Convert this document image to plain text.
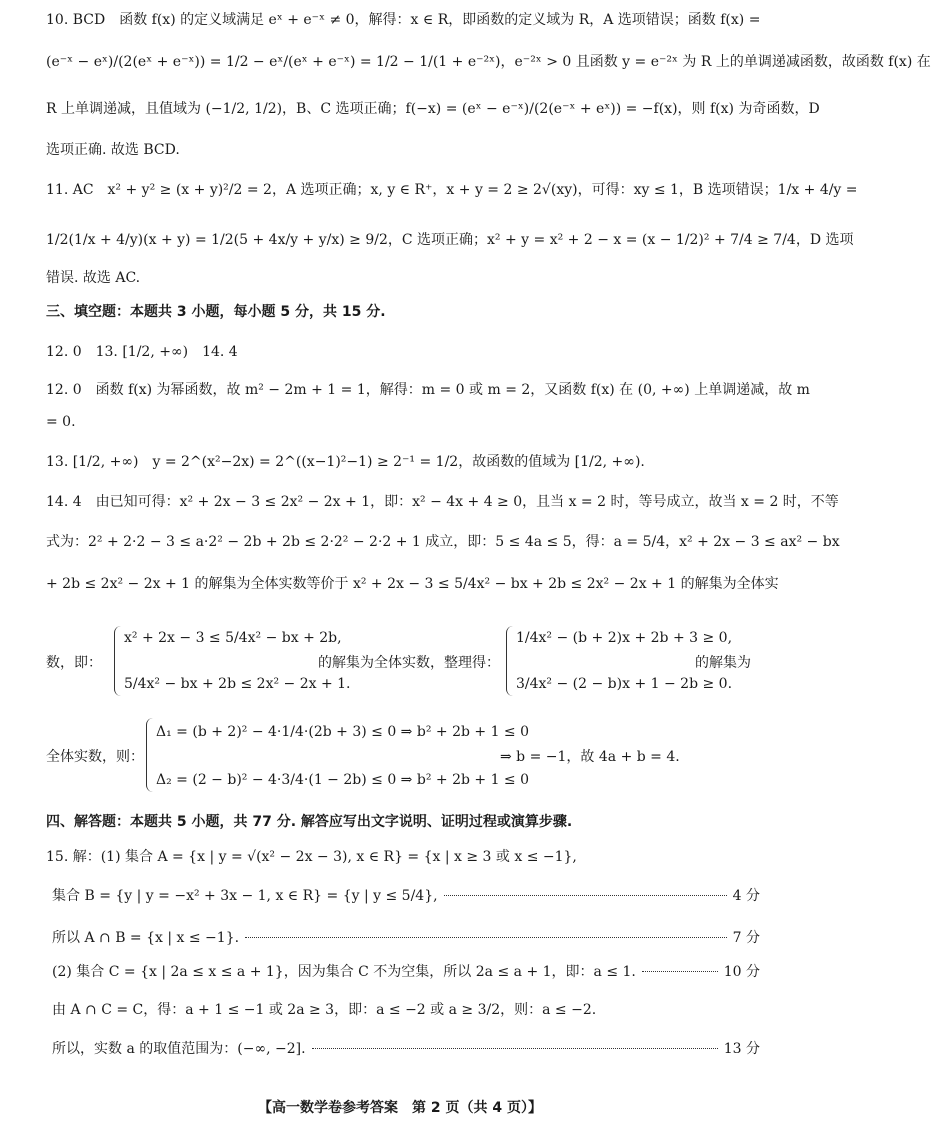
10. BCD　函数 f(x) 的定义域满足 eˣ + e⁻ˣ ≠ 0，解得：x ∈ R，即函数的定义域为 R，A 选项错误；函数 f(x) =
(e⁻ˣ − eˣ)/(2(eˣ + e⁻ˣ)) = 1/2 − eˣ/(eˣ + e⁻ˣ) = 1/2 − 1/(1 + e⁻²ˣ)，e⁻²ˣ > 0 且函数 y = e⁻²ˣ 为 R 上的单调递减函数，故函数 f(x) 在
R 上单调递减，且值域为 (−1/2, 1/2)，B、C 选项正确；f(−x) = (eˣ − e⁻ˣ)/(2(e⁻ˣ + eˣ)) = −f(x)，则 f(x) 为奇函数，D
选项正确. 故选 BCD.
11. AC　x² + y² ≥ (x + y)²/2 = 2，A 选项正确；x, y ∈ R⁺，x + y = 2 ≥ 2√(xy)，可得：xy ≤ 1，B 选项错误；1/x + 4/y =
1/2(1/x + 4/y)(x + y) = 1/2(5 + 4x/y + y/x) ≥ 9/2，C 选项正确；x² + y = x² + 2 − x = (x − 1/2)² + 7/4 ≥ 7/4，D 选项
错误. 故选 AC.
三、填空题：本题共 3 小题，每小题 5 分，共 15 分.
12. 0　13. [1/2, +∞)　14. 4
12. 0　函数 f(x) 为幂函数，故 m² − 2m + 1 = 1，解得：m = 0 或 m = 2，又函数 f(x) 在 (0, +∞) 上单调递减，故 m
= 0.
13. [1/2, +∞)　y = 2^(x²−2x) = 2^((x−1)²−1) ≥ 2⁻¹ = 1/2，故函数的值域为 [1/2, +∞).
14. 4　由已知可得：x² + 2x − 3 ≤ 2x² − 2x + 1，即：x² − 4x + 4 ≥ 0，且当 x = 2 时，等号成立，故当 x = 2 时，不等
式为：2² + 2·2 − 3 ≤ a·2² − 2b + 2b ≤ 2·2² − 2·2 + 1 成立，即：5 ≤ 4a ≤ 5，得：a = 5/4，x² + 2x − 3 ≤ ax² − bx
+ 2b ≤ 2x² − 2x + 1 的解集为全体实数等价于 x² + 2x − 3 ≤ 5/4x² − bx + 2b ≤ 2x² − 2x + 1 的解集为全体实
数，即：
x² + 2x − 3 ≤ 5/4x² − bx + 2b,
5/4x² − bx + 2b ≤ 2x² − 2x + 1.
的解集为全体实数，整理得：
1/4x² − (b + 2)x + 2b + 3 ≥ 0,
3/4x² − (2 − b)x + 1 − 2b ≥ 0.
的解集为
全体实数，则：
Δ₁ = (b + 2)² − 4·1/4·(2b + 3) ≤ 0 ⇒ b² + 2b + 1 ≤ 0
Δ₂ = (2 − b)² − 4·3/4·(1 − 2b) ≤ 0 ⇒ b² + 2b + 1 ≤ 0
⇒ b = −1，故 4a + b = 4.
四、解答题：本题共 5 小题，共 77 分. 解答应写出文字说明、证明过程或演算步骤.
15. 解：(1) 集合 A = {x | y = √(x² − 2x − 3), x ∈ R} = {x | x ≥ 3 或 x ≤ −1},
集合 B = {y | y = −x² + 3x − 1, x ∈ R} = {y | y ≤ 5/4},	4 分
所以 A ∩ B = {x | x ≤ −1}.	7 分
(2) 集合 C = {x | 2a ≤ x ≤ a + 1}，因为集合 C 不为空集，所以 2a ≤ a + 1，即：a ≤ 1.	10 分
由 A ∩ C = C，得：a + 1 ≤ −1 或 2a ≥ 3，即：a ≤ −2 或 a ≥ 3/2，则：a ≤ −2.
所以，实数 a 的取值范围为：(−∞, −2].	13 分
【高一数学卷参考答案　第 2 页（共 4 页）】
